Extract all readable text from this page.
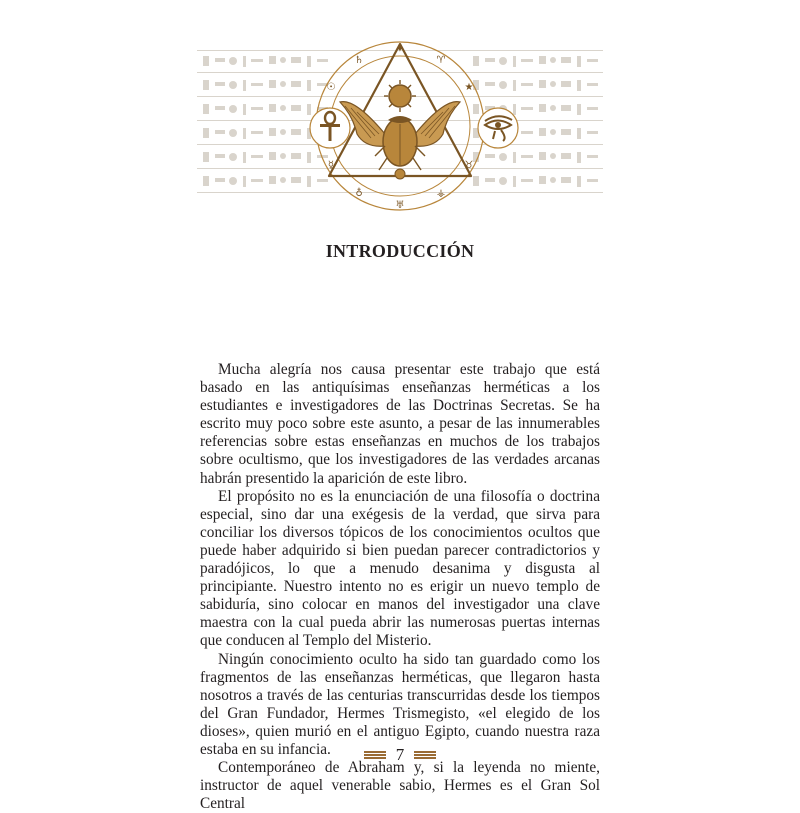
✦
♈
★
♉
⚶
♅
♁
☿
☉
♄
INTRODUCCIÓN

Mucha alegría nos causa presentar este trabajo que está basado en las antiquísimas enseñanzas herméticas a los estudiantes e investigadores de las Doctrinas Secretas. Se ha escrito muy poco sobre este asunto, a pesar de las innumerables referencias sobre estas enseñanzas en muchos de los trabajos sobre ocultismo, que los investigadores de las verdades arcanas habrán presentido la aparición de este libro.

El propósito no es la enunciación de una filosofía o doctrina especial, sino dar una exégesis de la verdad, que sirva para conciliar los diversos tópicos de los conocimientos ocultos que puede haber adquirido si bien puedan parecer contradictorios y paradójicos, lo que a menudo desanima y disgusta al principiante. Nuestro intento no es erigir un nuevo templo de sabiduría, sino colocar en manos del investigador una clave maestra con la cual pueda abrir las numerosas puertas internas que conducen al Templo del Misterio.

Ningún conocimiento oculto ha sido tan guardado como los fragmentos de las enseñanzas herméticas, que llegaron hasta nosotros a través de las centurias transcurridas desde los tiempos del Gran Fundador, Hermes Trismegisto, «el elegido de los dioses», quien murió en el antiguo Egipto, cuando nuestra raza estaba en su infancia.

Contemporáneo de Abraham y, si la leyenda no miente, instructor de aquel venerable sabio, Hermes es el Gran Sol Central

7
